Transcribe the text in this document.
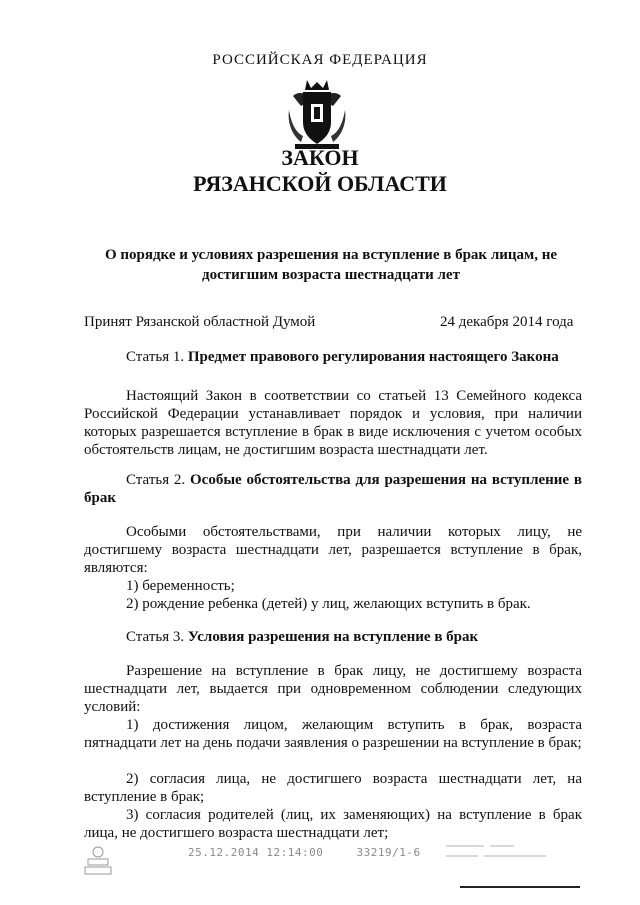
РОССИЙСКАЯ ФЕДЕРАЦИЯ
ЗАКОН
РЯЗАНСКОЙ ОБЛАСТИ
О порядке и условиях разрешения на вступление в брак лицам, не достигшим возраста шестнадцати лет
Принят Рязанской областной Думой	24 декабря 2014 года
Статья 1. Предмет правового регулирования настоящего Закона
Настоящий Закон в соответствии со статьей 13 Семейного кодекса Российской Федерации устанавливает порядок и условия, при наличии которых разрешается вступление в брак в виде исключения с учетом особых обстоятельств лицам, не достигшим возраста шестнадцати лет.
Статья 2. Особые обстоятельства для разрешения на вступление в брак
Особыми обстоятельствами, при наличии которых лицу, не достигшему возраста шестнадцати лет, разрешается вступление в брак, являются:
1) беременность;
2) рождение ребенка (детей) у лиц, желающих вступить в брак.
Статья 3. Условия разрешения на вступление в брак
Разрешение на вступление в брак лицу, не достигшему возраста шестнадцати лет, выдается при одновременном соблюдении следующих условий:
1) достижения лицом, желающим вступить в брак, возраста пятнадцати лет на день подачи заявления о разрешении на вступление в брак;
2) согласия лица, не достигшего возраста шестнадцати лет, на вступление в брак;
3) согласия родителей (лиц, их заменяющих) на вступление в брак лица, не достигшего возраста шестнадцати лет;
25.12.2014 12:14:00	33219/1-6
